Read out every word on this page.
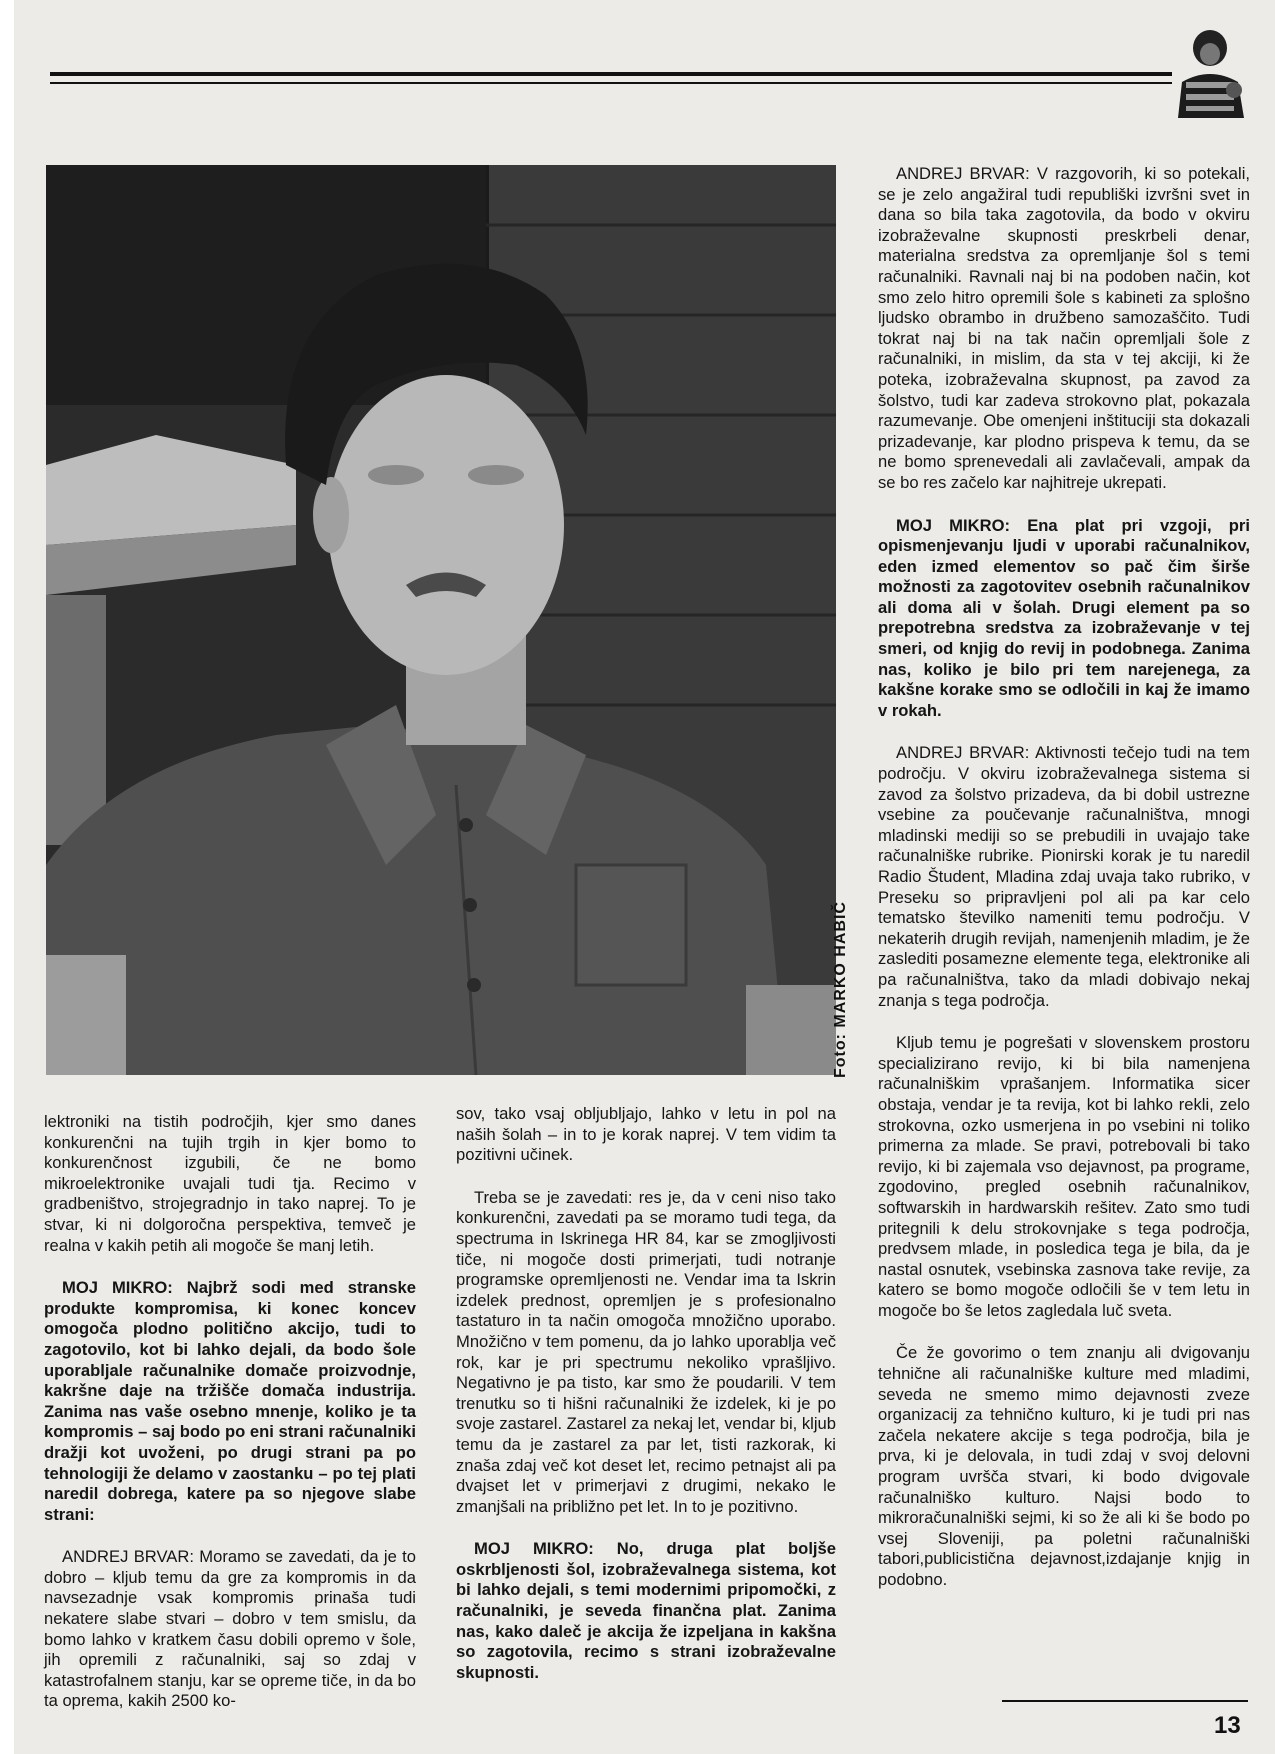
Foto: MARKO HABIČ

lektroniki na tistih področjih, kjer smo danes konkurenčni na tujih trgih in kjer bomo to konkurenčnost izgubili, če ne bomo mikroelektronike uvajali tudi tja. Recimo v gradbeništvo, strojegradnjo in tako naprej. To je stvar, ki ni dolgoročna perspektiva, temveč je realna v kakih petih ali mogoče še manj letih.

MOJ MIKRO: Najbrž sodi med stranske produkte kompromisa, ki konec koncev omogoča plodno politično akcijo, tudi to zagotovilo, kot bi lahko dejali, da bodo šole uporabljale računalnike domače proizvodnje, kakršne daje na tržišče domača industrija. Zanima nas vaše osebno mnenje, koliko je ta kompromis – saj bodo po eni strani računalniki dražji kot uvoženi, po drugi strani pa po tehnologiji že delamo v zaostanku – po tej plati naredil dobrega, katere pa so njegove slabe strani:

ANDREJ BRVAR: Moramo se zavedati, da je to dobro – kljub temu da gre za kompromis in da navsezadnje vsak kompromis prinaša tudi nekatere slabe stvari – dobro v tem smislu, da bomo lahko v kratkem času dobili opremo v šole, jih opremili z računalniki, saj so zdaj v katastrofalnem stanju, kar se opreme tiče, in da bo ta oprema, kakih 2500 ko-

sov, tako vsaj obljubljajo, lahko v letu in pol na naših šolah – in to je korak naprej. V tem vidim ta pozitivni učinek.

Treba se je zavedati: res je, da v ceni niso tako konkurenčni, zavedati pa se moramo tudi tega, da spectruma in Iskrinega HR 84, kar se zmogljivosti tiče, ni mogoče dosti primerjati, tudi notranje programske opremljenosti ne. Vendar ima ta Iskrin izdelek prednost, opremljen je s profesionalno tastaturo in ta način omogoča množično uporabo. Množično v tem pomenu, da jo lahko uporablja več rok, kar je pri spectrumu nekoliko vprašljivo. Negativno je pa tisto, kar smo že poudarili. V tem trenutku so ti hišni računalniki že izdelek, ki je po svoje zastarel. Zastarel za nekaj let, vendar bi, kljub temu da je zastarel za par let, tisti razkorak, ki znaša zdaj več kot deset let, recimo petnajst ali pa dvajset let v primerjavi z drugimi, nekako le zmanjšali na približno pet let. In to je pozitivno.

MOJ MIKRO: No, druga plat boljše oskrbljenosti šol, izobraževalnega sistema, kot bi lahko dejali, s temi modernimi pripomočki, z računalniki, je seveda finančna plat. Zanima nas, kako daleč je akcija že izpeljana in kakšna so zagotovila, recimo s strani izobraževalne skupnosti.

ANDREJ BRVAR: V razgovorih, ki so potekali, se je zelo angažiral tudi republiški izvršni svet in dana so bila taka zagotovila, da bodo v okviru izobraževalne skupnosti preskrbeli denar, materialna sredstva za opremljanje šol s temi računalniki. Ravnali naj bi na podoben način, kot smo zelo hitro opremili šole s kabineti za splošno ljudsko obrambo in družbeno samozaščito. Tudi tokrat naj bi na tak način opremljali šole z računalniki, in mislim, da sta v tej akciji, ki že poteka, izobraževalna skupnost, pa zavod za šolstvo, tudi kar zadeva strokovno plat, pokazala razumevanje. Obe omenjeni inštituciji sta dokazali prizadevanje, kar plodno prispeva k temu, da se ne bomo sprenevedali ali zavlačevali, ampak da se bo res začelo kar najhitreje ukrepati.

MOJ MIKRO: Ena plat pri vzgoji, pri opismenjevanju ljudi v uporabi računalnikov, eden izmed elementov so pač čim širše možnosti za zagotovitev osebnih računalnikov ali doma ali v šolah. Drugi element pa so prepotrebna sredstva za izobraževanje v tej smeri, od knjig do revij in podobnega. Zanima nas, koliko je bilo pri tem narejenega, za kakšne korake smo se odločili in kaj že imamo v rokah.

ANDREJ BRVAR: Aktivnosti tečejo tudi na tem področju. V okviru izobraževalnega sistema si zavod za šolstvo prizadeva, da bi dobil ustrezne vsebine za poučevanje računalništva, mnogi mladinski mediji so se prebudili in uvajajo take računalniške rubrike. Pionirski korak je tu naredil Radio Študent, Mladina zdaj uvaja tako rubriko, v Preseku so pripravljeni pol ali pa kar celo tematsko številko nameniti temu področju. V nekaterih drugih revijah, namenjenih mladim, je že zaslediti posamezne elemente tega, elektronike ali pa računalništva, tako da mladi dobivajo nekaj znanja s tega področja.

Kljub temu je pogrešati v slovenskem prostoru specializirano revijo, ki bi bila namenjena računalniškim vprašanjem. Informatika sicer obstaja, vendar je ta revija, kot bi lahko rekli, zelo strokovna, ozko usmerjena in po vsebini ni toliko primerna za mlade. Se pravi, potrebovali bi tako revijo, ki bi zajemala vso dejavnost, pa programe, zgodovino, pregled osebnih računalnikov, softwarskih in hardwarskih rešitev. Zato smo tudi pritegnili k delu strokovnjake s tega področja, predvsem mlade, in posledica tega je bila, da je nastal osnutek, vsebinska zasnova take revije, za katero se bomo mogoče odločili še v tem letu in mogoče bo še letos zagledala luč sveta.

Če že govorimo o tem znanju ali dvigovanju tehnične ali računalniške kulture med mladimi, seveda ne smemo mimo dejavnosti zveze organizacij za tehnično kulturo, ki je tudi pri nas začela nekatere akcije s tega področja, bila je prva, ki je delovala, in tudi zdaj v svoj delovni program uvršča stvari, ki bodo dvigovale računalniško kulturo. Najsi bodo to mikroračunalniški sejmi, ki so že ali ki še bodo po vsej Sloveniji, pa poletni računalniški tabori,publicistična dejavnost,izdajanje knjig in podobno.

13
